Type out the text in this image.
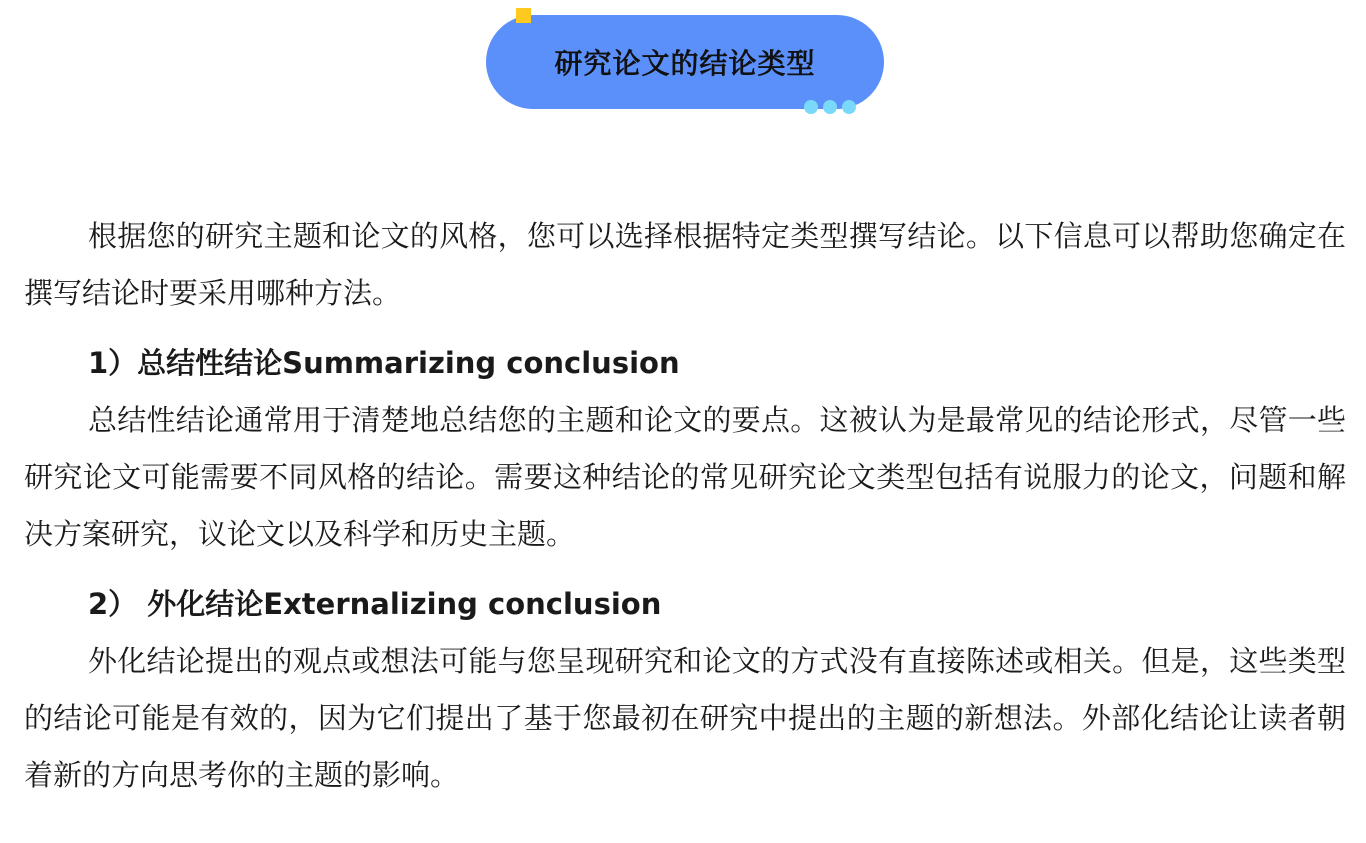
研究论文的结论类型

根据您的研究主题和论文的风格，您可以选择根据特定类型撰写结论。以下信息可以帮助您确定在撰写结论时要采用哪种方法。

1）总结性结论Summarizing conclusion

总结性结论通常用于清楚地总结您的主题和论文的要点。这被认为是最常见的结论形式，尽管一些研究论文可能需要不同风格的结论。需要这种结论的常见研究论文类型包括有说服力的论文，问题和解决方案研究，议论文以及科学和历史主题。

2） 外化结论Externalizing conclusion

外化结论提出的观点或想法可能与您呈现研究和论文的方式没有直接陈述或相关。但是，这些类型的结论可能是有效的，因为它们提出了基于您最初在研究中提出的主题的新想法。外部化结论让读者朝着新的方向思考你的主题的影响。
